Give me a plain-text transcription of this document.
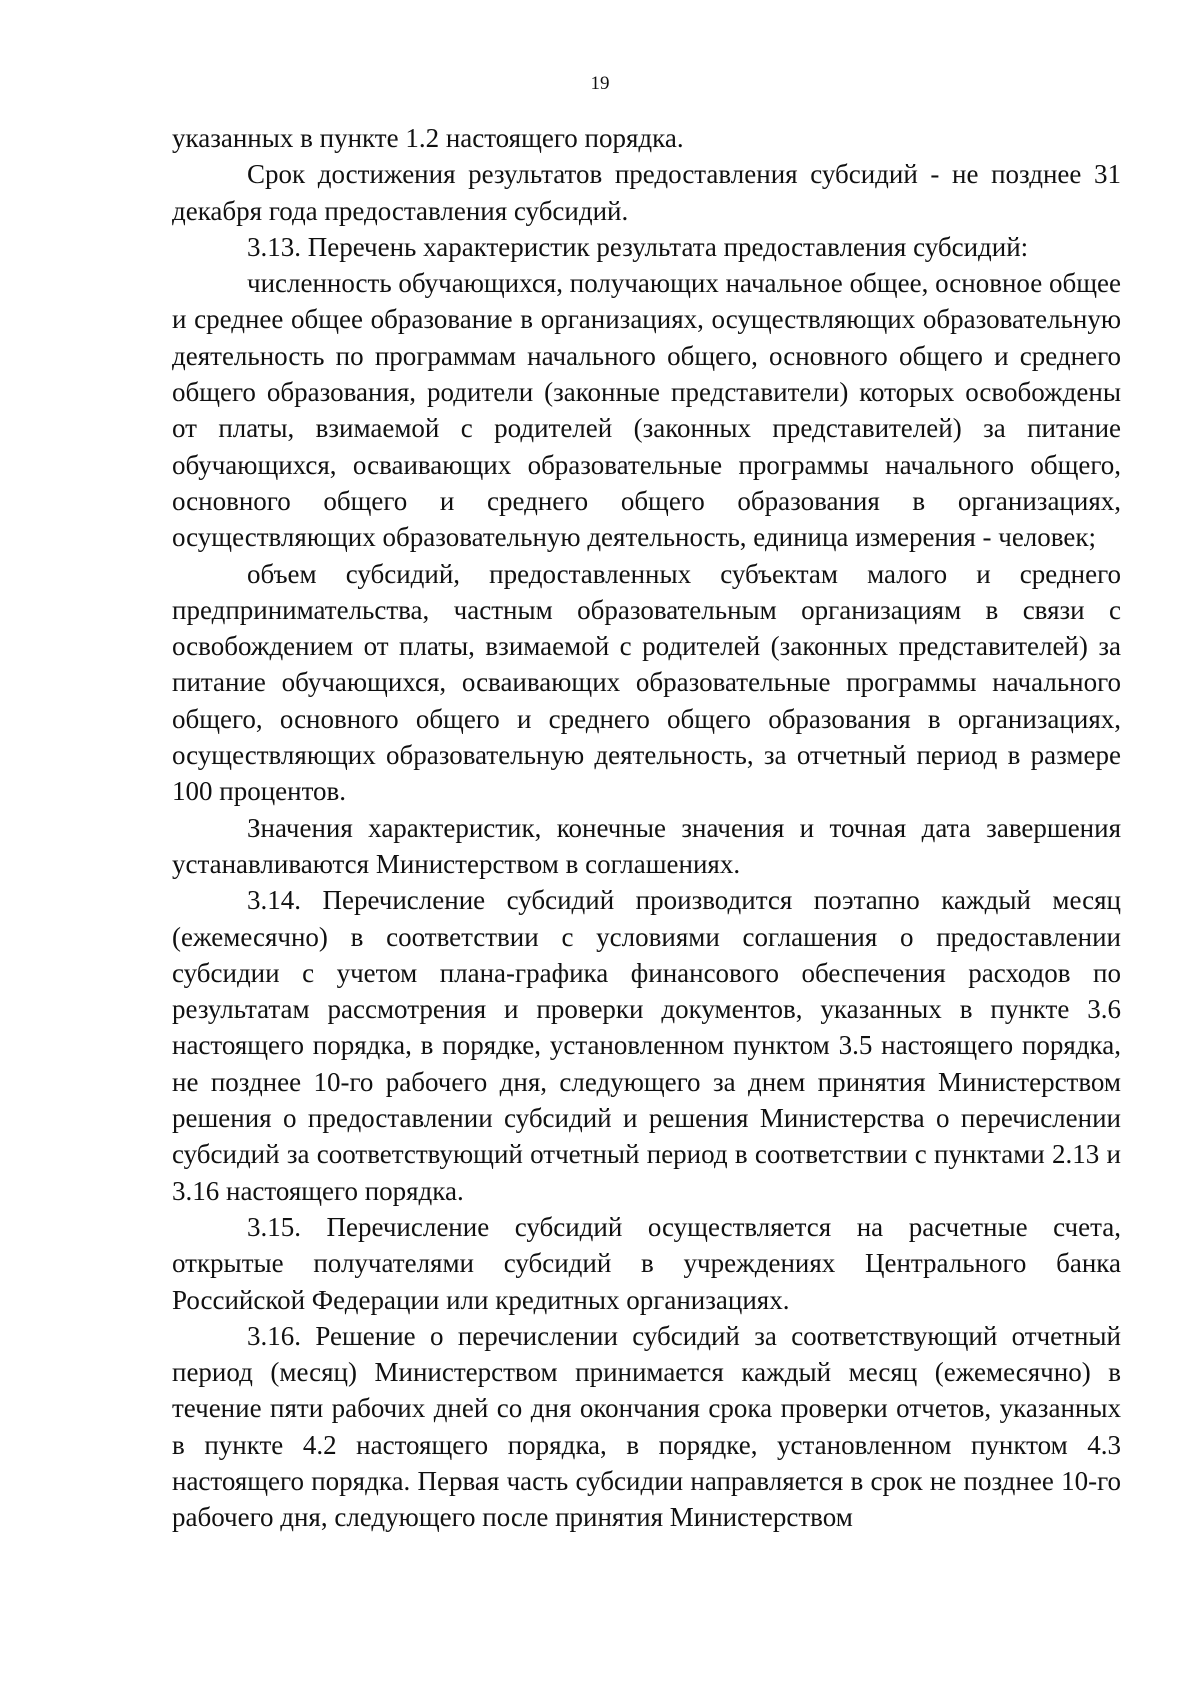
19

указанных в пункте 1.2 настоящего порядка.

Срок достижения результатов предоставления субсидий - не позднее 31 декабря года предоставления субсидий.

3.13. Перечень характеристик результата предоставления субсидий:

численность обучающихся, получающих начальное общее, основное общее и среднее общее образование в организациях, осуществляющих образовательную деятельность по программам начального общего, основного общего и среднего общего образования, родители (законные представители) которых освобождены от платы, взимаемой с родителей (законных представителей) за питание обучающихся, осваивающих образовательные программы начального общего, основного общего и среднего общего образования в организациях, осуществляющих образовательную деятельность, единица измерения - человек;

объем субсидий, предоставленных субъектам малого и среднего предпринимательства, частным образовательным организациям в связи с освобождением от платы, взимаемой с родителей (законных представителей) за питание обучающихся, осваивающих образовательные программы начального общего, основного общего и среднего общего образования в организациях, осуществляющих образовательную деятельность, за отчетный период в размере 100 процентов.

Значения характеристик, конечные значения и точная дата завершения устанавливаются Министерством в соглашениях.

3.14. Перечисление субсидий производится поэтапно каждый месяц (ежемесячно) в соответствии с условиями соглашения о предоставлении субсидии с учетом плана-графика финансового обеспечения расходов по результатам рассмотрения и проверки документов, указанных в пункте 3.6 настоящего порядка, в порядке, установленном пунктом 3.5 настоящего порядка, не позднее 10-го рабочего дня, следующего за днем принятия Министерством решения о предоставлении субсидий и решения Министерства о перечислении субсидий за соответствующий отчетный период в соответствии с пунктами 2.13 и 3.16 настоящего порядка.

3.15. Перечисление субсидий осуществляется на расчетные счета, открытые получателями субсидий в учреждениях Центрального банка Российской Федерации или кредитных организациях.

3.16. Решение о перечислении субсидий за соответствующий отчетный период (месяц) Министерством принимается каждый месяц (ежемесячно) в течение пяти рабочих дней со дня окончания срока проверки отчетов, указанных в пункте 4.2 настоящего порядка, в порядке, установленном пунктом 4.3 настоящего порядка. Первая часть субсидии направляется в срок не позднее 10-го рабочего дня, следующего после принятия Министерством
